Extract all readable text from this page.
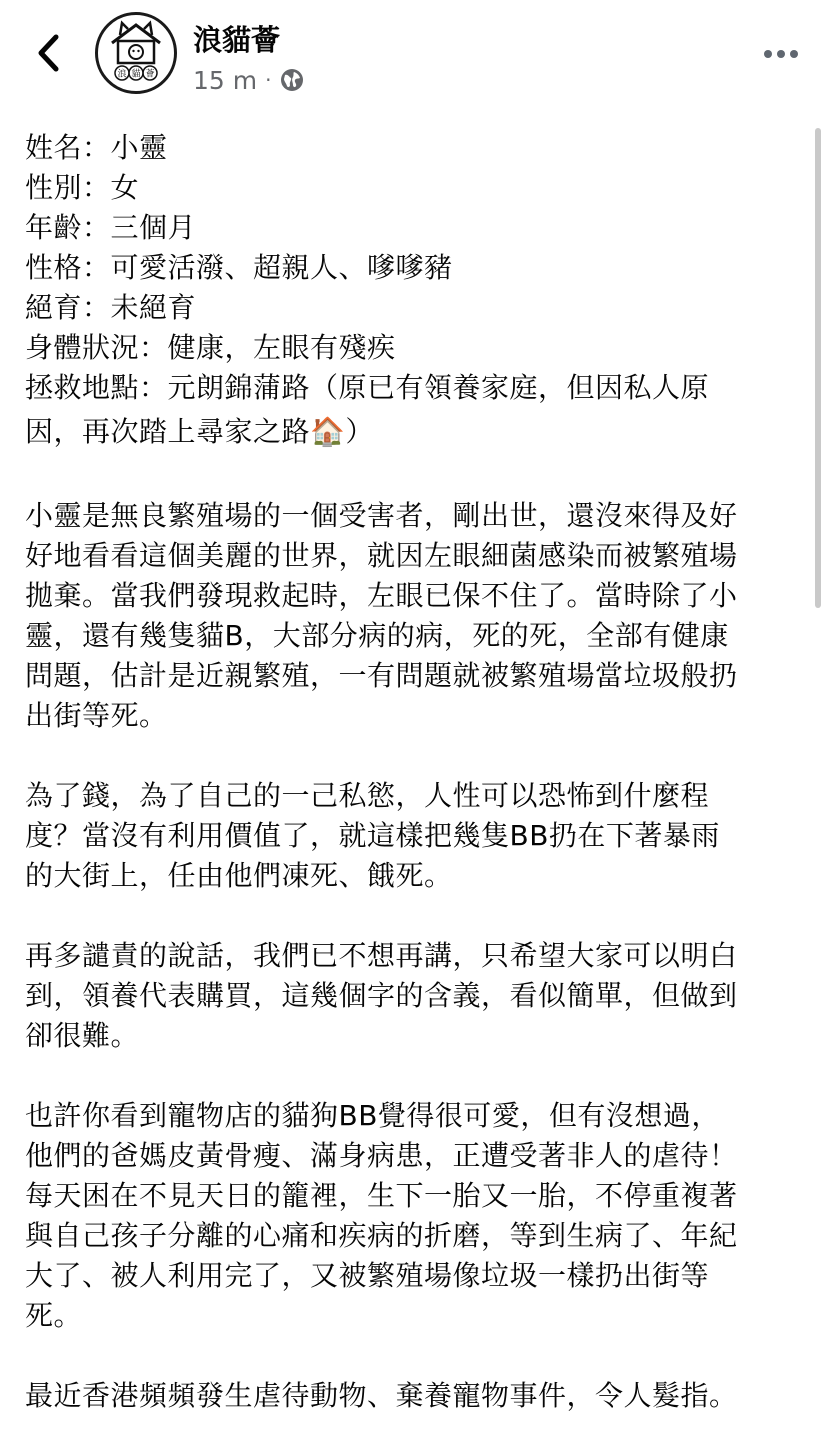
浪 貓 薈
浪貓薈
15 m ·

姓名：小靈

性別：女

年齡：三個月

性格：可愛活潑、超親人、嗲嗲豬

絕育：未絕育

身體狀況：健康，左眼有殘疾

拯救地點：元朗錦蒲路（原已有領養家庭，但因私人原

因，再次踏上尋家之路🏠）

小靈是無良繁殖場的一個受害者，剛出世，還沒來得及好
好地看看這個美麗的世界，就因左眼細菌感染而被繁殖場
拋棄。當我們發現救起時，左眼已保不住了。當時除了小
靈，還有幾隻貓B，大部分病的病，死的死，全部有健康
問題，估計是近親繁殖，一有問題就被繁殖場當垃圾般扔
出街等死。

為了錢，為了自己的一己私慾，人性可以恐怖到什麼程
度？當沒有利用價值了，就這樣把幾隻BB扔在下著暴雨
的大街上，任由他們凍死、餓死。

再多譴責的說話，我們已不想再講，只希望大家可以明白
到，領養代表購買，這幾個字的含義，看似簡單，但做到
卻很難。

也許你看到寵物店的貓狗BB覺得很可愛，但有沒想過，
他們的爸媽皮黃骨瘦、滿身病患，正遭受著非人的虐待！
每天困在不見天日的籠裡，生下一胎又一胎，不停重複著
與自己孩子分離的心痛和疾病的折磨，等到生病了、年紀
大了、被人利用完了，又被繁殖場像垃圾一樣扔出街等
死。

最近香港頻頻發生虐待動物、棄養寵物事件，令人髮指。
